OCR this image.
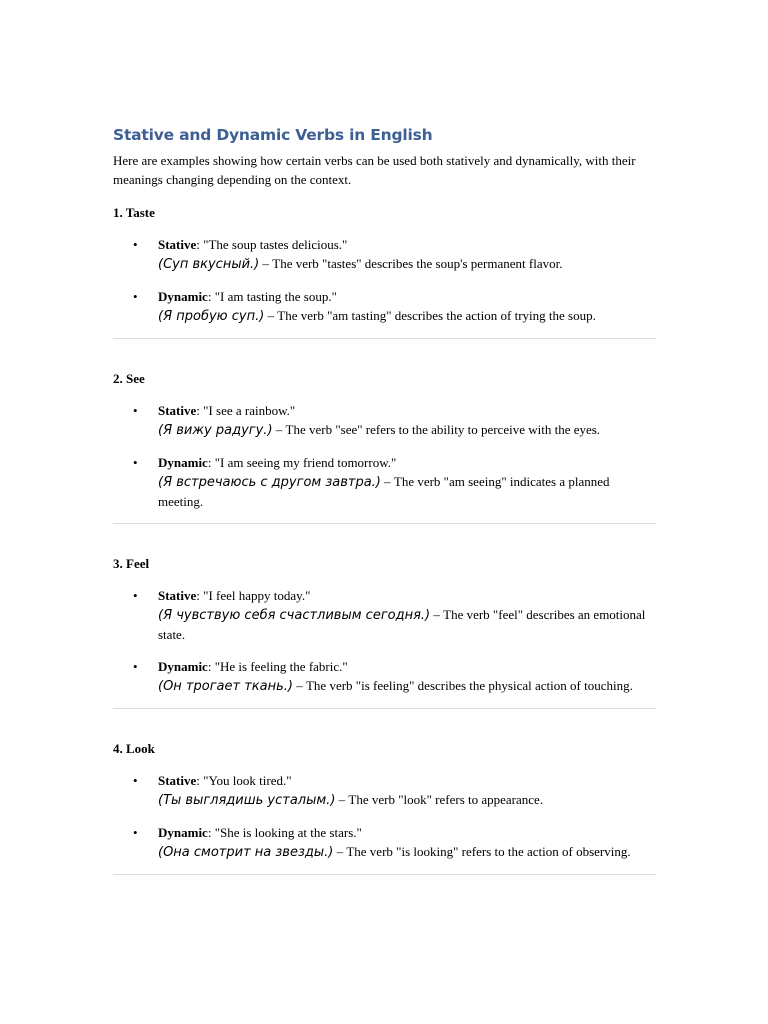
Stative and Dynamic Verbs in English

Here are examples showing how certain verbs can be used both statively and dynamically, with their meanings changing depending on the context.

1. Taste

• Stative: "The soup tastes delicious."
(Суп вкусный.) – The verb "tastes" describes the soup's permanent flavor.
• Dynamic: "I am tasting the soup."
(Я пробую суп.) – The verb "am tasting" describes the action of trying the soup.

2. See

• Stative: "I see a rainbow."
(Я вижу радугу.) – The verb "see" refers to the ability to perceive with the eyes.
• Dynamic: "I am seeing my friend tomorrow."
(Я встречаюсь с другом завтра.) – The verb "am seeing" indicates a planned meeting.

3. Feel

• Stative: "I feel happy today."
(Я чувствую себя счастливым сегодня.) – The verb "feel" describes an emotional state.
• Dynamic: "He is feeling the fabric."
(Он трогает ткань.) – The verb "is feeling" describes the physical action of touching.

4. Look

• Stative: "You look tired."
(Ты выглядишь усталым.) – The verb "look" refers to appearance.
• Dynamic: "She is looking at the stars."
(Она смотрит на звезды.) – The verb "is looking" refers to the action of observing.
